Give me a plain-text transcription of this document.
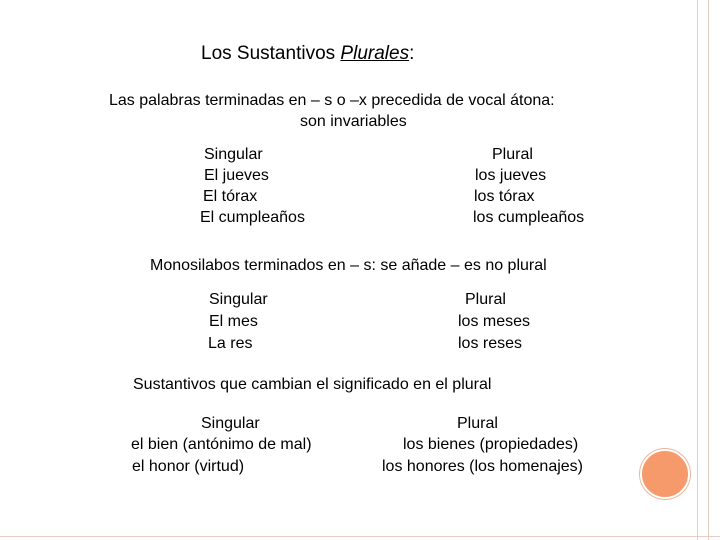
Los Sustantivos Plurales:
Las palabras terminadas en – s o –x precedida de vocal átona:
son invariables
Singular
El jueves
El tórax
El cumpleaños
Plural
los jueves
los tórax
los cumpleaños
Monosilabos terminados en – s: se añade – es no plural
Singular
El mes
La res
Plural
los meses
los reses
Sustantivos que cambian el significado en el plural
Singular
el bien (antónimo de mal)
el honor (virtud)
Plural
los bienes (propiedades)
los honores (los homenajes)
